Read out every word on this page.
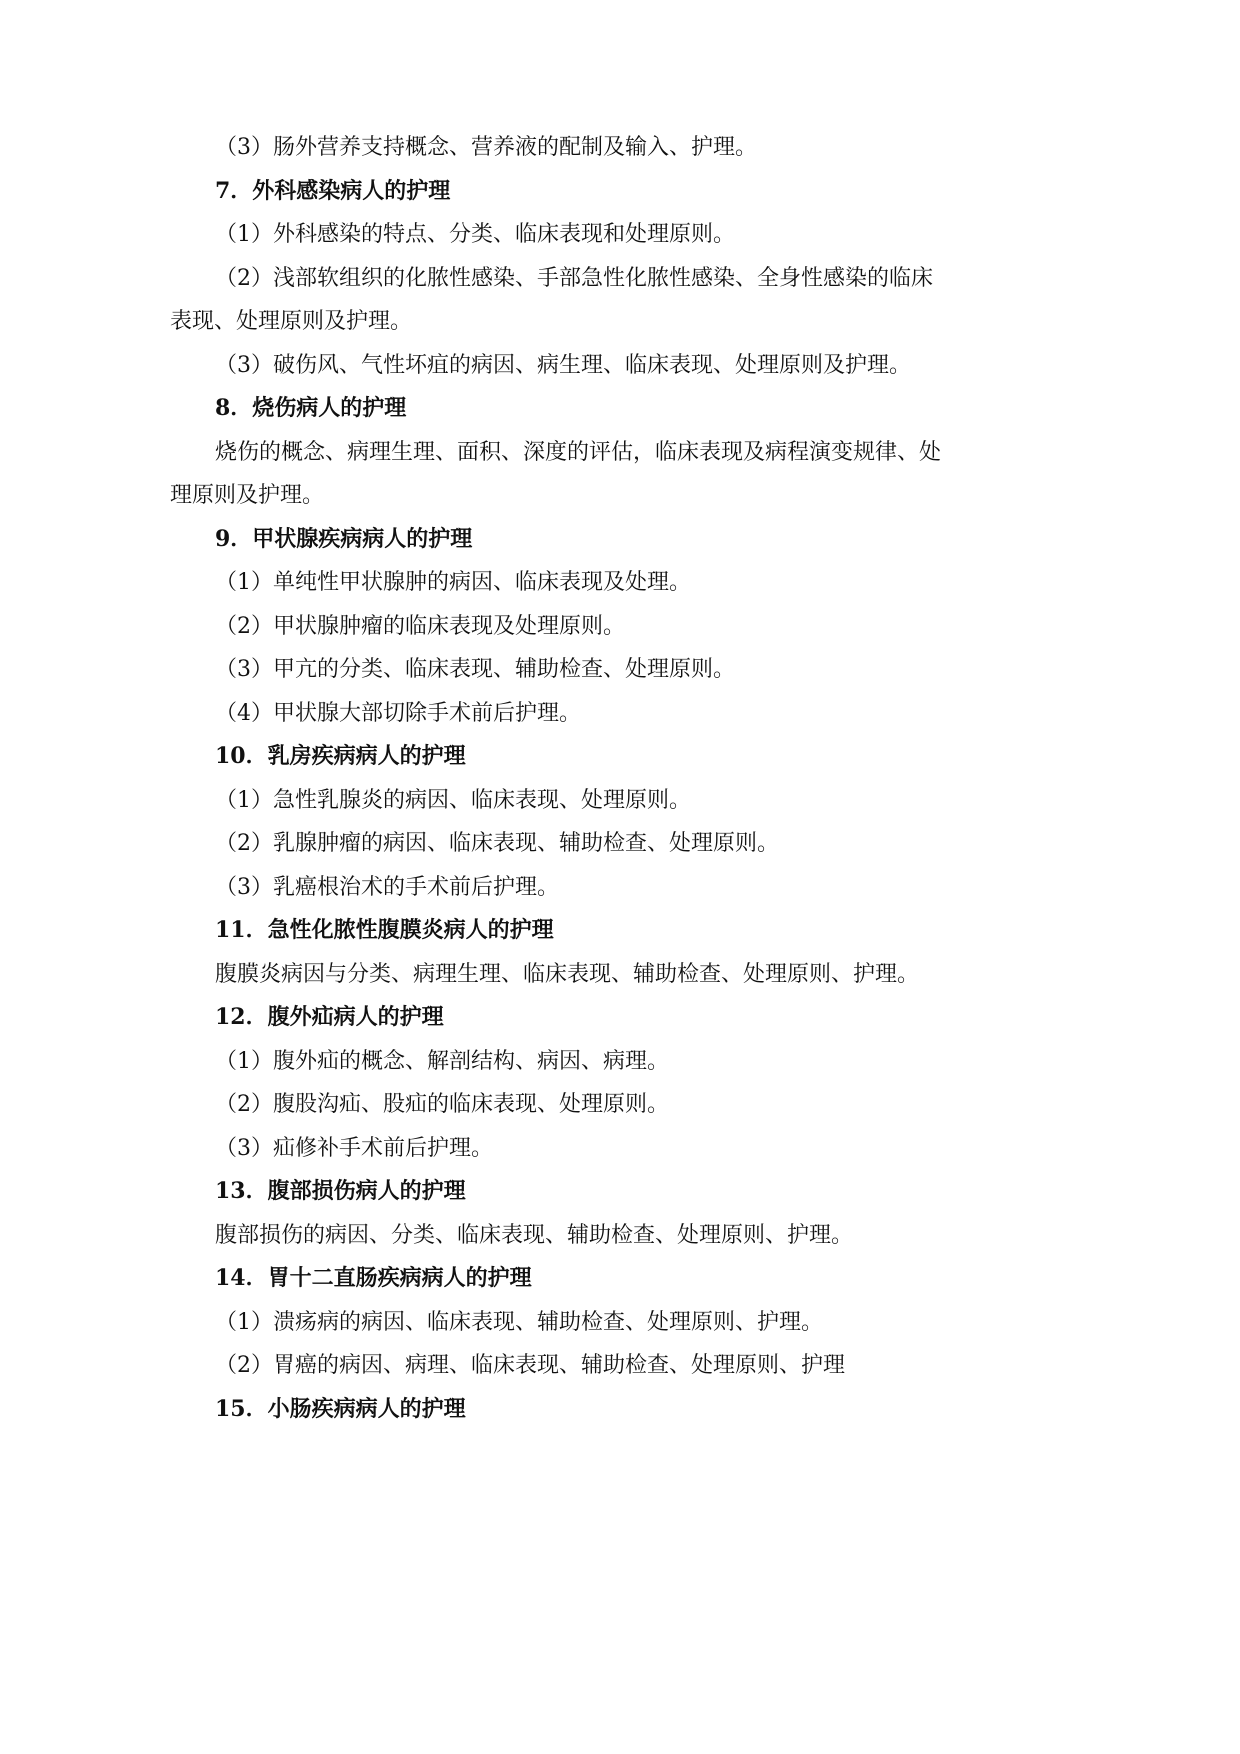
（3）肠外营养支持概念、营养液的配制及输入、护理。

7．外科感染病人的护理

（1）外科感染的特点、分类、临床表现和处理原则。

（2）浅部软组织的化脓性感染、手部急性化脓性感染、全身性感染的临床表现、处理原则及护理。

（3）破伤风、气性坏疽的病因、病生理、临床表现、处理原则及护理。

8．烧伤病人的护理

烧伤的概念、病理生理、面积、深度的评估，临床表现及病程演变规律、处理原则及护理。

9．甲状腺疾病病人的护理

（1）单纯性甲状腺肿的病因、临床表现及处理。

（2）甲状腺肿瘤的临床表现及处理原则。

（3）甲亢的分类、临床表现、辅助检查、处理原则。

（4）甲状腺大部切除手术前后护理。

10．乳房疾病病人的护理

（1）急性乳腺炎的病因、临床表现、处理原则。

（2）乳腺肿瘤的病因、临床表现、辅助检查、处理原则。

（3）乳癌根治术的手术前后护理。

11．急性化脓性腹膜炎病人的护理

腹膜炎病因与分类、病理生理、临床表现、辅助检查、处理原则、护理。

12．腹外疝病人的护理

（1）腹外疝的概念、解剖结构、病因、病理。

（2）腹股沟疝、股疝的临床表现、处理原则。

（3）疝修补手术前后护理。

13．腹部损伤病人的护理

腹部损伤的病因、分类、临床表现、辅助检查、处理原则、护理。

14．胃十二直肠疾病病人的护理

（1）溃疡病的病因、临床表现、辅助检查、处理原则、护理。

（2）胃癌的病因、病理、临床表现、辅助检查、处理原则、护理

15．小肠疾病病人的护理
